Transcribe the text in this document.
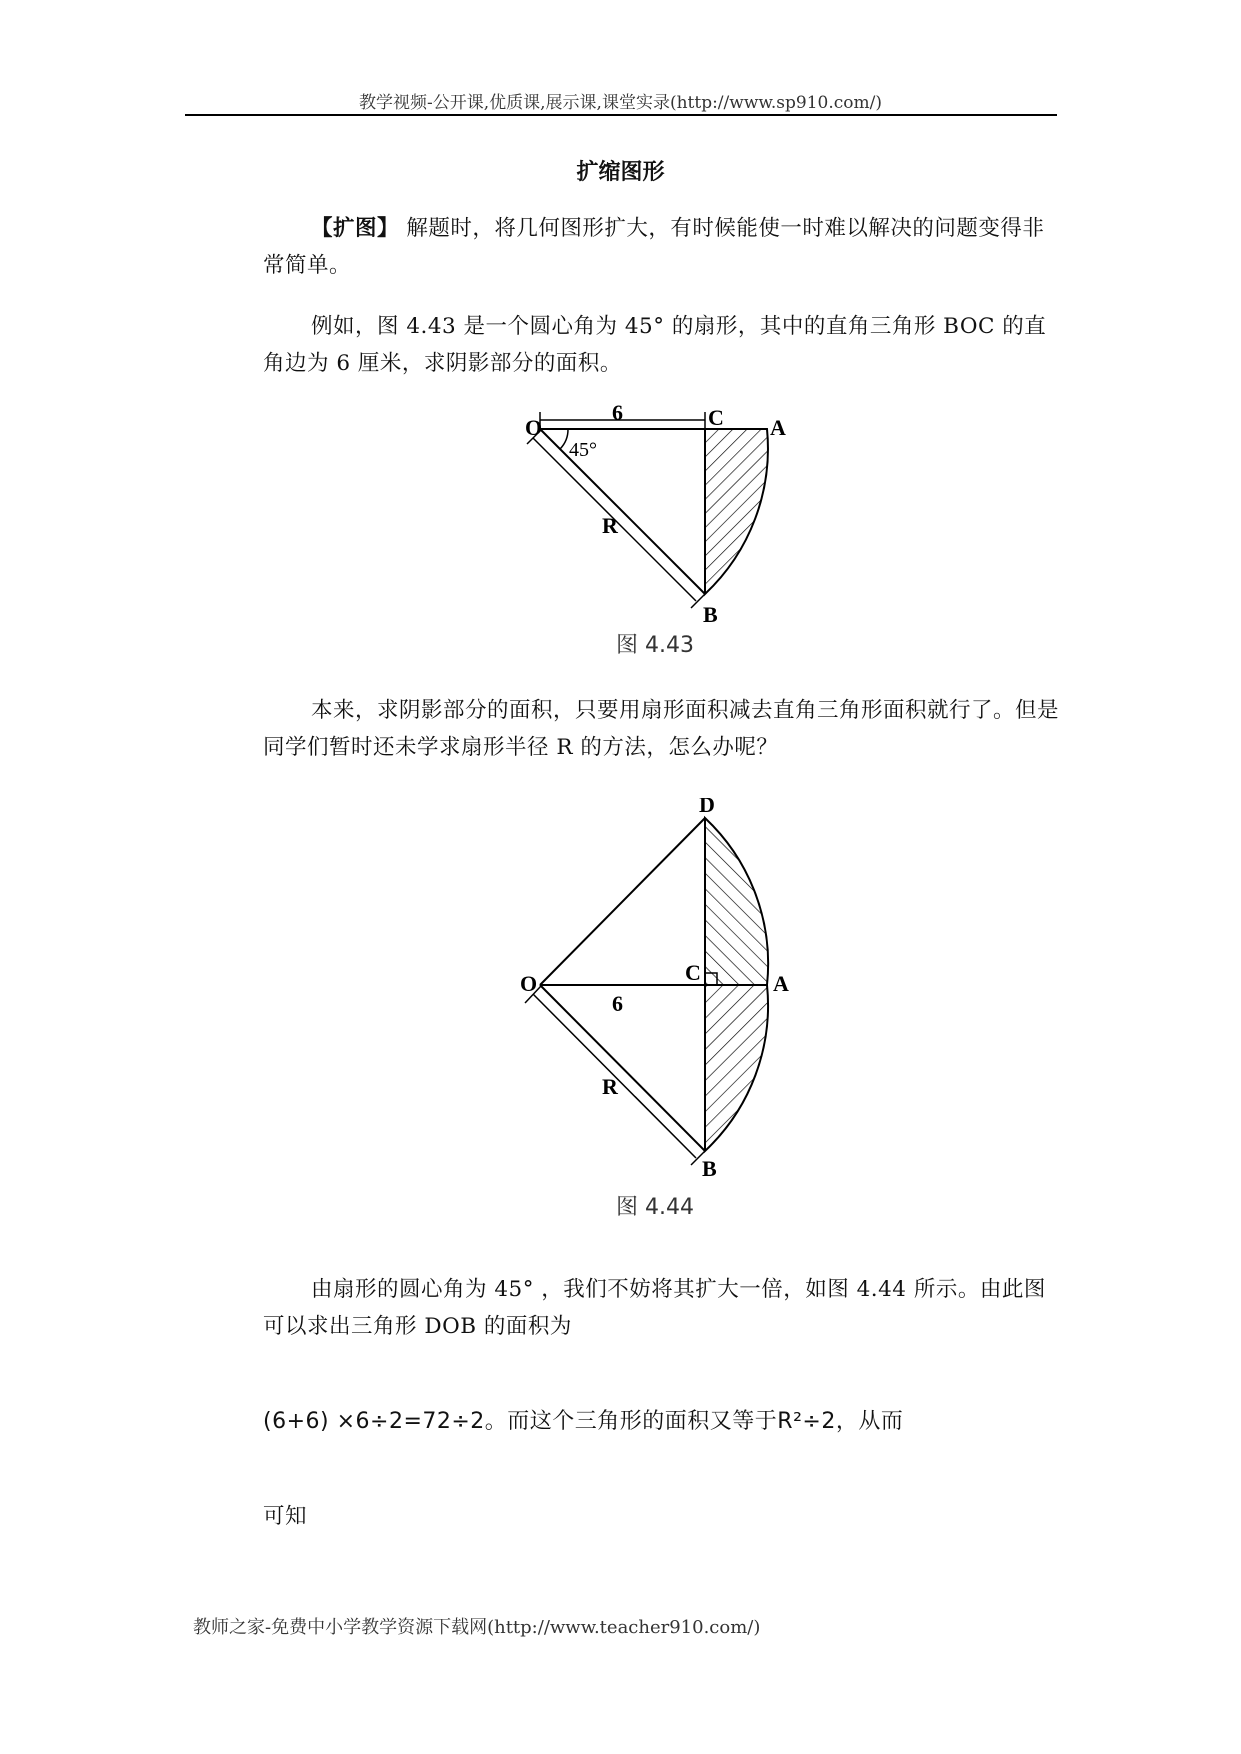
教学视频-公开课,优质课,展示课,课堂实录(http://www.sp910.com/)
扩缩图形
【扩图】 解题时，将几何图形扩大，有时候能使一时难以解决的问题变得非常简单。
例如，图 4.43 是一个圆心角为 45° 的扇形，其中的直角三角形 BOC 的直角边为 6 厘米，求阴影部分的面积。
O	C A
B
R
6
45°
图 4.43
本来，求阴影部分的面积，只要用扇形面积减去直角三角形面积就行了。但是同学们暂时还未学求扇形半径 R 的方法，怎么办呢？
D
O	C	A
B
R
6
图 4.44
由扇形的圆心角为 45° ，我们不妨将其扩大一倍，如图 4.44 所示。由此图可以求出三角形 DOB 的面积为
(6+6) ×6÷2=72÷2。而这个三角形的面积又等于R²÷2，从而
可知
教师之家-免费中小学教学资源下载网(http://www.teacher910.com/)
